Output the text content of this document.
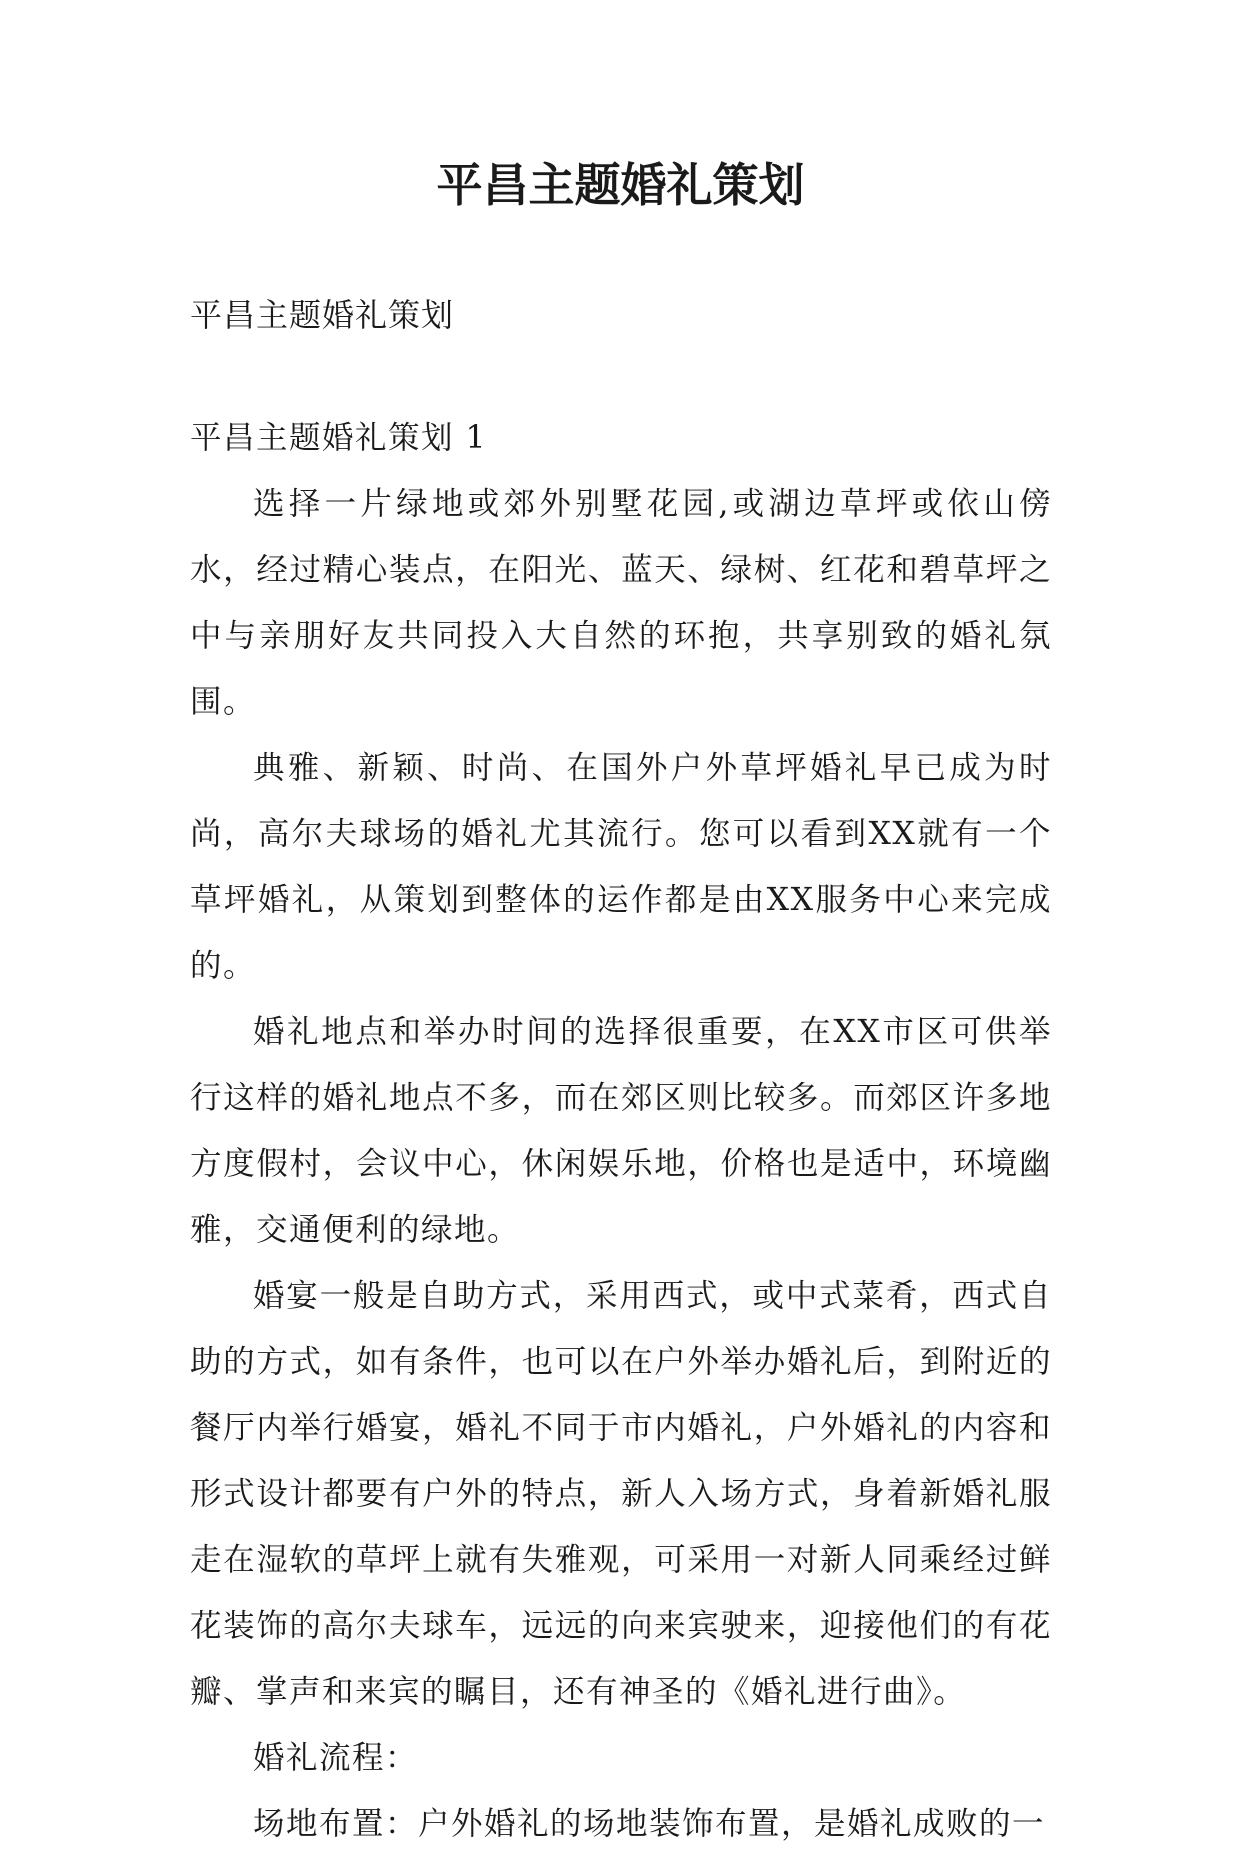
平昌主题婚礼策划

平昌主题婚礼策划

平昌主题婚礼策划 1

选择一片绿地或郊外别墅花园,或湖边草坪或依山傍水，经过精心装点，在阳光、蓝天、绿树、红花和碧草坪之中与亲朋好友共同投入大自然的环抱，共享别致的婚礼氛围。

典雅、新颖、时尚、在国外户外草坪婚礼早已成为时尚，高尔夫球场的婚礼尤其流行。您可以看到XX就有一个草坪婚礼，从策划到整体的运作都是由XX服务中心来完成的。

婚礼地点和举办时间的选择很重要，在XX市区可供举行这样的婚礼地点不多，而在郊区则比较多。而郊区许多地方度假村，会议中心，休闲娱乐地，价格也是适中，环境幽雅，交通便利的绿地。

婚宴一般是自助方式，采用西式，或中式菜肴，西式自助的方式，如有条件，也可以在户外举办婚礼后，到附近的餐厅内举行婚宴，婚礼不同于市内婚礼，户外婚礼的内容和形式设计都要有户外的特点，新人入场方式，身着新婚礼服走在湿软的草坪上就有失雅观，可采用一对新人同乘经过鲜花装饰的高尔夫球车，远远的向来宾驶来，迎接他们的有花瓣、掌声和来宾的瞩目，还有神圣的《婚礼进行曲》。

婚礼流程：

场地布置：户外婚礼的场地装饰布置，是婚礼成败的一
